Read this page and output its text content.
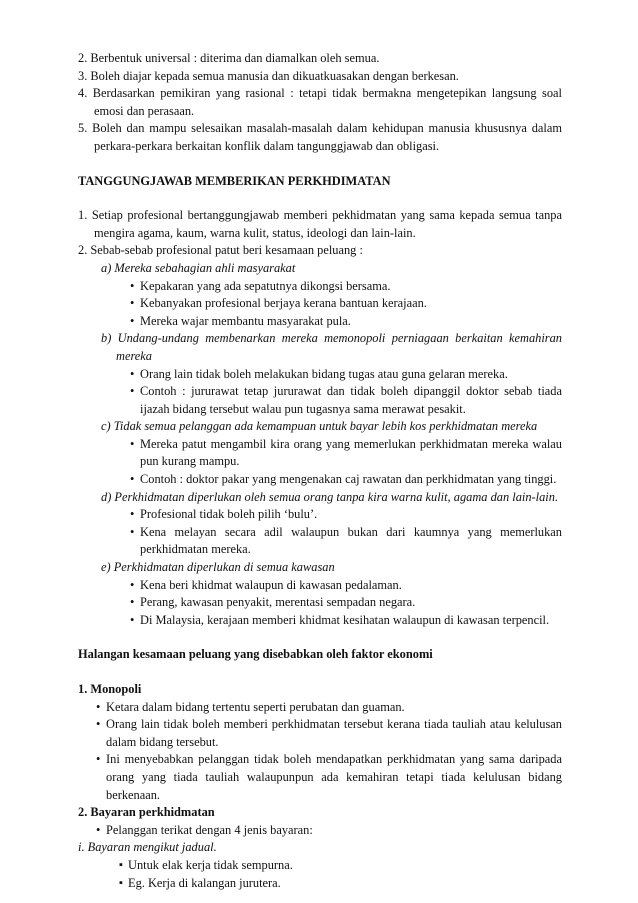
2. Berbentuk universal : diterima dan diamalkan oleh semua.

3. Boleh diajar kepada semua manusia dan dikuatkuasakan dengan berkesan.

4. Berdasarkan pemikiran yang rasional : tetapi tidak bermakna mengetepikan langsung soal emosi dan perasaan.

5. Boleh dan mampu selesaikan masalah-masalah dalam kehidupan manusia khususnya dalam perkara-perkara berkaitan konflik dalam tangunggjawab dan obligasi.

TANGGUNGJAWAB MEMBERIKAN PERKHDIMATAN

1. Setiap profesional bertanggungjawab memberi pekhidmatan yang sama kepada semua tanpa mengira agama, kaum, warna kulit, status, ideologi dan lain-lain.

2. Sebab-sebab profesional patut beri kesamaan peluang :

a) Mereka sebahagian ahli masyarakat

• Kepakaran yang ada sepatutnya dikongsi bersama.

• Kebanyakan profesional berjaya kerana bantuan kerajaan.

• Mereka wajar membantu masyarakat pula.

b) Undang-undang membenarkan mereka memonopoli perniagaan berkaitan kemahiran mereka

• Orang lain tidak boleh melakukan bidang tugas atau guna gelaran mereka.

• Contoh : jururawat tetap jururawat dan tidak boleh dipanggil doktor sebab tiada ijazah bidang tersebut walau pun tugasnya sama merawat pesakit.

c) Tidak semua pelanggan ada kemampuan untuk bayar lebih kos perkhidmatan mereka

• Mereka patut mengambil kira orang yang memerlukan perkhidmatan mereka walau pun kurang mampu.

• Contoh : doktor pakar yang mengenakan caj rawatan dan perkhidmatan yang tinggi.

d) Perkhidmatan diperlukan oleh semua orang tanpa kira warna kulit, agama dan lain-lain.

• Profesional tidak boleh pilih ‘bulu’.

• Kena melayan secara adil walaupun bukan dari kaumnya yang memerlukan perkhidmatan mereka.

e) Perkhidmatan diperlukan di semua kawasan

• Kena beri khidmat walaupun di kawasan pedalaman.

• Perang, kawasan penyakit, merentasi sempadan negara.

• Di Malaysia, kerajaan memberi khidmat kesihatan walaupun di kawasan terpencil.

Halangan kesamaan peluang yang disebabkan oleh faktor ekonomi

1. Monopoli

• Ketara dalam bidang tertentu seperti perubatan dan guaman.

• Orang lain tidak boleh memberi perkhidmatan tersebut kerana tiada tauliah atau kelulusan dalam bidang tersebut.

• Ini menyebabkan pelanggan tidak boleh mendapatkan perkhidmatan yang sama daripada orang yang tiada tauliah walaupunpun ada kemahiran tetapi tiada kelulusan bidang berkenaan.

2. Bayaran perkhidmatan

• Pelanggan terikat dengan 4 jenis bayaran:

i. Bayaran mengikut jadual.

▪ Untuk elak kerja tidak sempurna.

▪ Eg. Kerja di kalangan jurutera.
